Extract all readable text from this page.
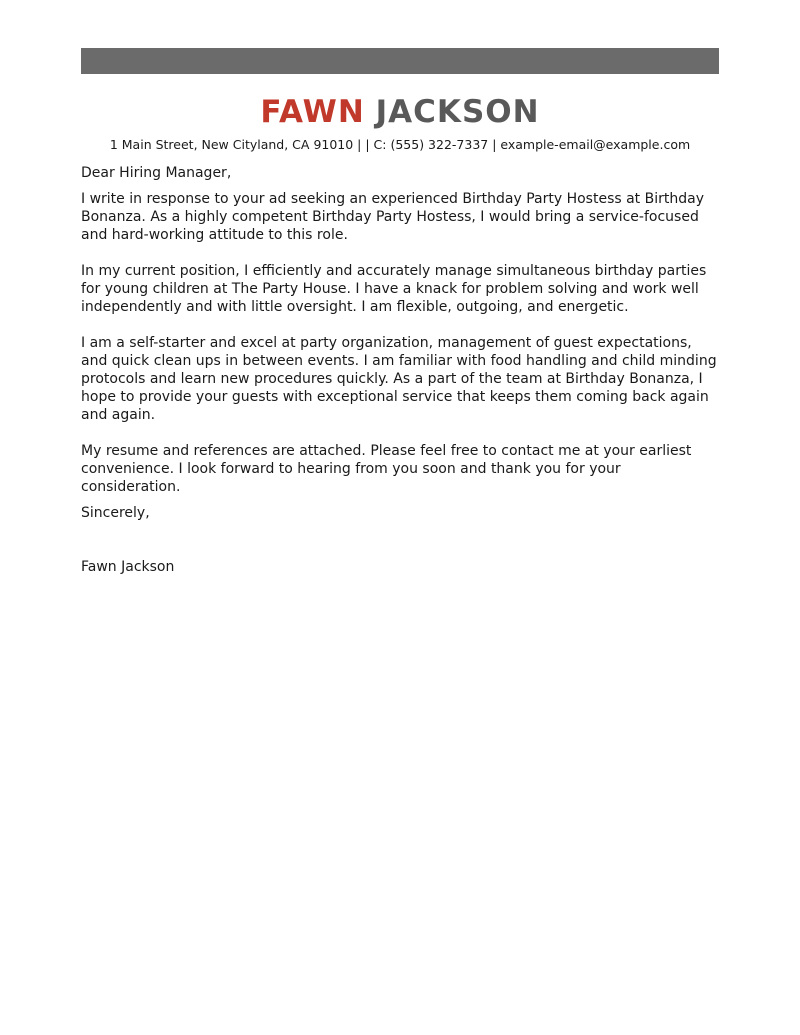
FAWN JACKSON
1 Main Street, New Cityland, CA 91010 | | C: (555) 322-7337 | example-email@example.com

Dear Hiring Manager,

I write in response to your ad seeking an experienced Birthday Party Hostess at Birthday Bonanza. As a highly competent Birthday Party Hostess, I would bring a service-focused and hard-working attitude to this role.

In my current position, I efficiently and accurately manage simultaneous birthday parties for young children at The Party House. I have a knack for problem solving and work well independently and with little oversight. I am flexible, outgoing, and energetic.

I am a self-starter and excel at party organization, management of guest expectations, and quick clean ups in between events. I am familiar with food handling and child minding protocols and learn new procedures quickly. As a part of the team at Birthday Bonanza, I hope to provide your guests with exceptional service that keeps them coming back again and again.

My resume and references are attached. Please feel free to contact me at your earliest convenience. I look forward to hearing from you soon and thank you for your consideration.

Sincerely,

Fawn Jackson
